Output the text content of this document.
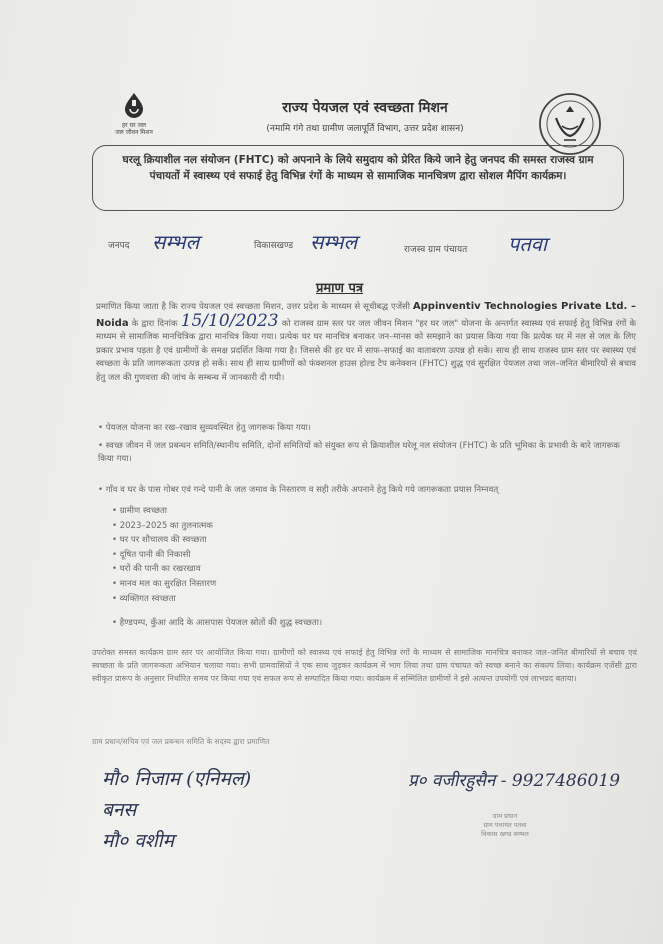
हर घर जल
जल जीवन मिशन
राज्य पेयजल एवं स्वच्छता मिशन
(नमामि गंगे तथा ग्रामीण जलापूर्ति विभाग, उत्तर प्रदेश शासन)
घरलू क्रियाशील नल संयोजन (FHTC) को अपनाने के लिये समुदाय को प्रेरित किये जाने हेतु जनपद की समस्त राजस्व ग्राम पंचायतों में स्वास्थ्य एवं सफाई हेतु विभिन्न रंगों के माध्यम से सामाजिक मानचित्रण द्वारा सोशल मैपिंग कार्यक्रम।
जनपद सम्भल	विकासखण्ड सम्भल	राजस्व ग्राम पंचायत पतवा
प्रमाण पत्र
प्रमाणित किया जाता है कि राज्य पेयजल एवं स्वच्छता मिशन, उत्तर प्रदेश के माध्यम से सूचीबद्ध एजेंसी Appinventiv Technologies Private Ltd. – Noida के द्वारा दिनांक 15/10/2023 को राजस्व ग्राम स्तर पर जल जीवन मिशन "हर घर जल" योजना के अन्तर्गत स्वास्थ्य एवं सफाई हेतु विभिन्न रंगों के माध्यम से सामाजिक मानचित्रिक द्वारा मानचित्र किया गया। प्रत्येक घर घर मानचित्र बनाकर जन–मानस को समझाने का प्रयास किया गया कि प्रत्येक घर में नल से जल के लिए प्रकार प्रभाव पड़ता है एवं ग्रामीणों के समक्ष प्रदर्शित किया गया है। जिससे की हर घर में साफ–सफाई का वातावरण उत्पन्न हो सके। साथ ही साथ राजस्व ग्राम स्तर पर स्वास्थ्य एवं स्वच्छता के प्रति जागरूकता उत्पन्न हो सकें। साथ ही साथ ग्रामीणों को फंक्शनल हाउस होल्ड टैप कनेक्शन (FHTC) शुद्ध एवं सुरक्षित पेयजल तथा जल–जनित बीमारियों से बचाव हेतु जल की गुणवत्ता की जांच के सम्बन्ध में जानकारी दी गयी।
• पेयजल योजना का रख–रखाव सुव्यवस्थित हेतु जागरूक किया गया।
• स्वच्छ जीवन में जल प्रबन्धन समिति/स्थानीय समिति, दोनों समितियों को संयुक्त रूप से क्रियाशील घरेलू नल संयोजन (FHTC) के प्रति भूमिका के प्रभावी के बारे जागरूक किया गया।
• गाँव व घर के पास गोबर एवं गन्दे पानी के जल जमाव के निस्तारण व सही तरीके अपनाने हेतु किये गये जागरूकता प्रयास निम्नवत्
• ग्रामीण स्वच्छता
• 2023–2025 का तुलनात्मक
• घर पर शौचालय की स्वच्छता
• दूषित पानी की निकासी
• घरों की पानी का रखरखाव
• मानव मल का सुरक्षित निस्तारण
• व्यक्तिगत स्वच्छता
• हैण्डपम्प, कुँआ आदि के आसपास पेयजल स्रोतों की शुद्ध स्वच्छता।
उपरोक्त समस्त कार्यक्रम ग्राम स्तर पर आयोजित किया गया। ग्रामीणों को स्वास्थ्य एवं सफाई हेतु विभिन्न रंगों के माध्यम से सामाजिक मानचित्र बनाकर जल–जनित बीमारियों से बचाव एवं स्वच्छता के प्रति जागरूकता अभियान चलाया गया। सभी ग्रामवासियों ने एक साथ जुड़कर कार्यक्रम में भाग लिया तथा ग्राम पंचायत को स्वच्छ बनाने का संकल्प लिया। कार्यक्रम एजेंसी द्वारा स्वीकृत प्रारूप के अनुसार निर्धारित समय पर किया गया एवं सफल रूप से सम्पादित किया गया। कार्यक्रम में सम्मिलित ग्रामीणों ने इसे अत्यन्त उपयोगी एवं लाभप्रद बताया।
ग्राम प्रधान/सचिव एवं जल प्रबन्धन समिति के सदस्य द्वारा प्रमाणित
मौ० निजाम (एनिमल)
बनस
मौ० वशीम
प्र० वजीरहुसैन - 9927486019
ग्राम प्रधान
ग्राम पंचायत पतवा
विकास खण्ड सम्भल
